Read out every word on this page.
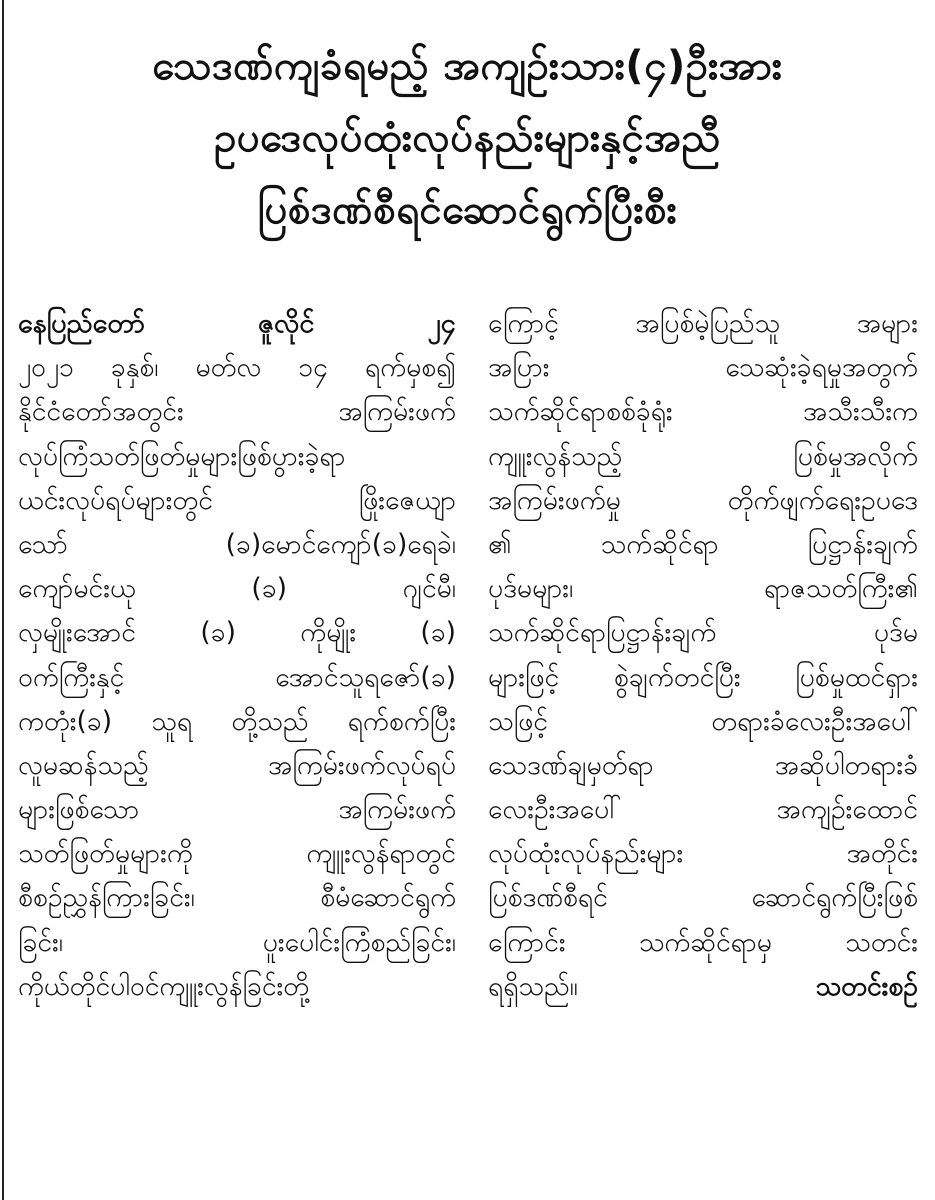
သေဒဏ်ကျခံရမည့် အကျဉ်းသား(၄)ဦးအား
ဥပဒေလုပ်ထုံးလုပ်နည်းများနှင့်အညီ
ပြစ်ဒဏ်စီရင်ဆောင်ရွက်ပြီးစီး
နေပြည်တော် ဇူလိုင် ၂၄
၂၀၂၁ ခုနှစ်၊ မတ်လ ၁၄ ရက်မှစ၍
နိုင်ငံတော်အတွင်း အကြမ်းဖက်
လုပ်ကြံသတ်ဖြတ်မှုများဖြစ်ပွားခဲ့ရာ
ယင်းလုပ်ရပ်များတွင် ဖြိုးဇေယျာ
သော် (ခ)မောင်ကျော်(ခ)ရေခဲ၊
ကျော်မင်းယု (ခ) ဂျင်မီ၊
လှမျိုးအောင် (ခ) ကိုမျိုး (ခ)
ဝက်ကြီးနှင့် အောင်သူရဇော်(ခ)
ကတုံး(ခ) သူရ တို့သည် ရက်စက်ပြီး
လူမဆန်သည့် အကြမ်းဖက်လုပ်ရပ်
များဖြစ်သော အကြမ်းဖက်
သတ်ဖြတ်မှုများကို ကျူးလွန်ရာတွင်
စီစဉ်ညွှန်ကြားခြင်း၊ စီမံဆောင်ရွက်
ခြင်း၊ ပူးပေါင်းကြံစည်ခြင်း၊
ကိုယ်တိုင်ပါဝင်ကျူးလွန်ခြင်းတို့
ကြောင့် အပြစ်မဲ့ပြည်သူ အများ
အပြား သေဆုံးခဲ့ရမှုအတွက်
သက်ဆိုင်ရာစစ်ခုံရုံး အသီးသီးက
ကျူးလွန်သည့် ပြစ်မှုအလိုက်
အကြမ်းဖက်မှု တိုက်ဖျက်ရေးဥပဒေ
၏ သက်ဆိုင်ရာ ပြဋ္ဌာန်းချက်
ပုဒ်မများ၊ ရာဇသတ်ကြီး၏
သက်ဆိုင်ရာပြဋ္ဌာန်းချက် ပုဒ်မ
များဖြင့် စွဲချက်တင်ပြီး ပြစ်မှုထင်ရှား
သဖြင့် တရားခံလေးဦးအပေါ်
သေဒဏ်ချမှတ်ရာ အဆိုပါတရားခံ
လေးဦးအပေါ် အကျဉ်းထောင်
လုပ်ထုံးလုပ်နည်းများ အတိုင်း
ပြစ်ဒဏ်စီရင် ဆောင်ရွက်ပြီးဖြစ်
ကြောင်း သက်ဆိုင်ရာမှ သတင်း
ရရှိသည်။	သတင်းစဉ်
